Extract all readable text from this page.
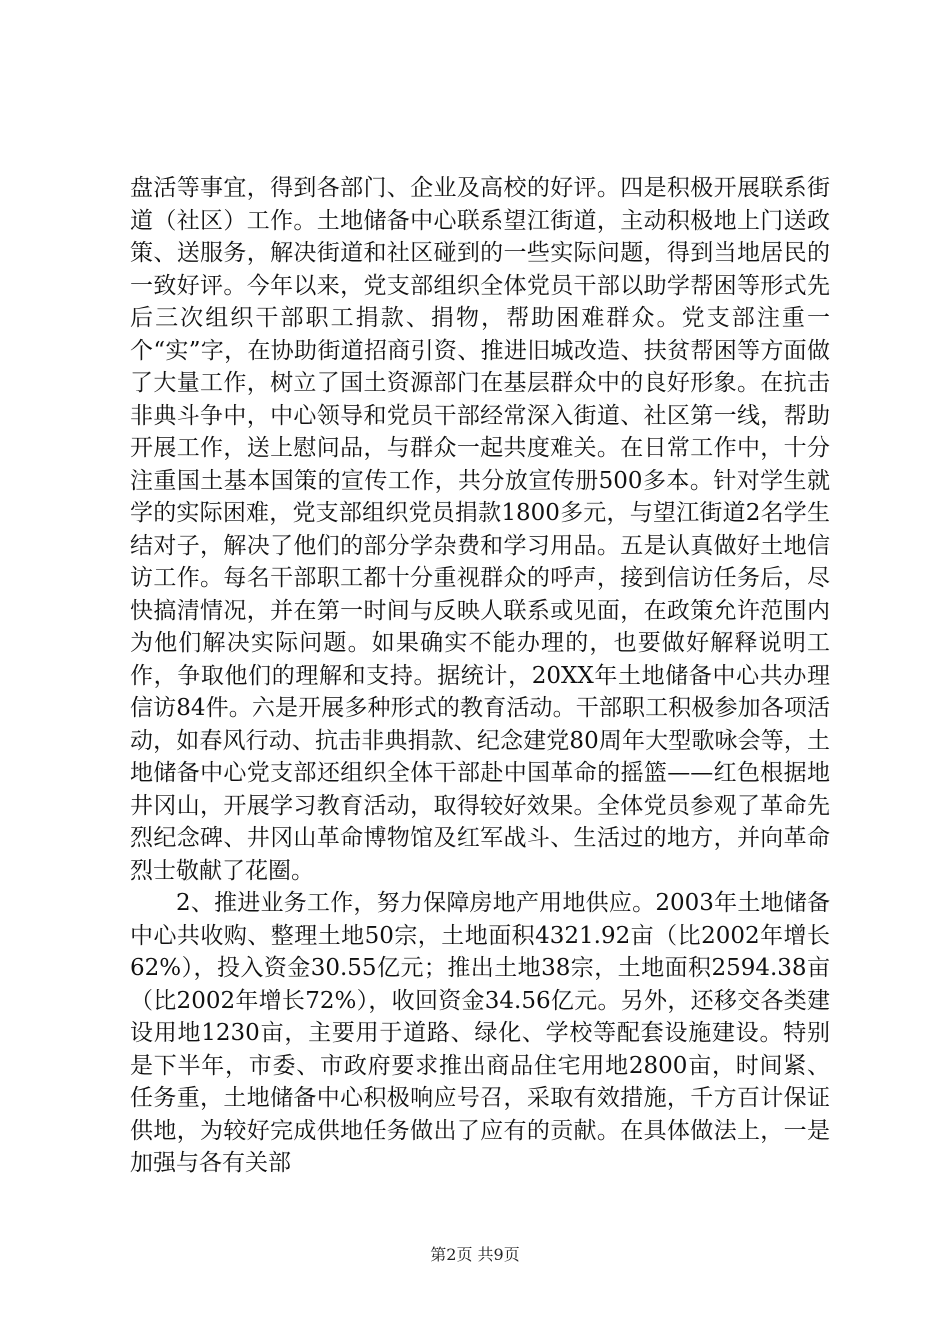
盘活等事宜，得到各部门、企业及高校的好评。四是积极开展联系街道（社区）工作。土地储备中心联系望江街道，主动积极地上门送政策、送服务，解决街道和社区碰到的一些实际问题，得到当地居民的一致好评。今年以来，党支部组织全体党员干部以助学帮困等形式先后三次组织干部职工捐款、捐物，帮助困难群众。党支部注重一个“实”字，在协助街道招商引资、推进旧城改造、扶贫帮困等方面做了大量工作，树立了国土资源部门在基层群众中的良好形象。在抗击非典斗争中，中心领导和党员干部经常深入街道、社区第一线，帮助开展工作，送上慰问品，与群众一起共度难关。在日常工作中，十分注重国土基本国策的宣传工作，共分放宣传册500多本。针对学生就学的实际困难，党支部组织党员捐款1800多元，与望江街道2名学生结对子，解决了他们的部分学杂费和学习用品。五是认真做好土地信访工作。每名干部职工都十分重视群众的呼声，接到信访任务后，尽快搞清情况，并在第一时间与反映人联系或见面，在政策允许范围内为他们解决实际问题。如果确实不能办理的，也要做好解释说明工作，争取他们的理解和支持。据统计，20XX年土地储备中心共办理信访84件。六是开展多种形式的教育活动。干部职工积极参加各项活动，如春风行动、抗击非典捐款、纪念建党80周年大型歌咏会等，土地储备中心党支部还组织全体干部赴中国革命的摇篮——红色根据地井冈山，开展学习教育活动，取得较好效果。全体党员参观了革命先烈纪念碑、井冈山革命博物馆及红军战斗、生活过的地方，并向革命烈士敬献了花圈。

2、推进业务工作，努力保障房地产用地供应。2003年土地储备中心共收购、整理土地50宗，土地面积4321.92亩（比2002年增长62%），投入资金30.55亿元；推出土地38宗，土地面积2594.38亩（比2002年增长72%），收回资金34.56亿元。另外，还移交各类建设用地1230亩，主要用于道路、绿化、学校等配套设施建设。特别是下半年，市委、市政府要求推出商品住宅用地2800亩，时间紧、任务重，土地储备中心积极响应号召，采取有效措施，千方百计保证供地，为较好完成供地任务做出了应有的贡献。在具体做法上，一是加强与各有关部

第2页 共9页
